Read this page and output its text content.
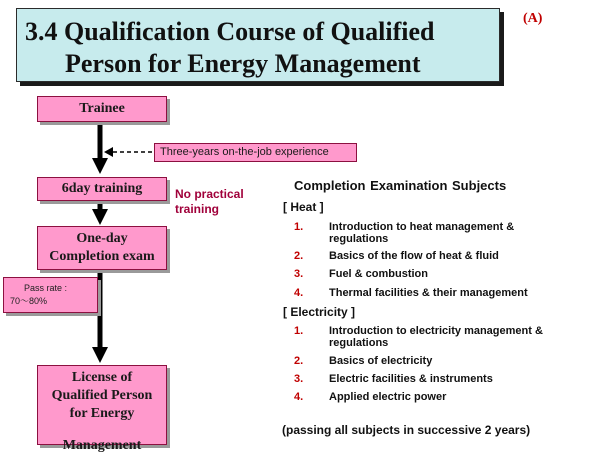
3.4 Qualification Course of Qualified
Person for Energy Management
(A)
Trainee
Three-years on-the-job experience
6day training	No practical
training
One-day
Completion exam
Pass rate :
70〜80%
License of
Qualified Person
for Energy
Management
Completion Examination Subjects
[ Heat ]
1.	Introduction to heat management &
regulations
2.	Basics of the flow of heat & fluid
3.	Fuel & combustion
4.	Thermal facilities & their management
[ Electricity ]
1.	Introduction to electricity management &
regulations
2.	Basics of electricity
3.	Electric facilities & instruments
4.	Applied electric power
(passing all subjects in successive 2 years)
